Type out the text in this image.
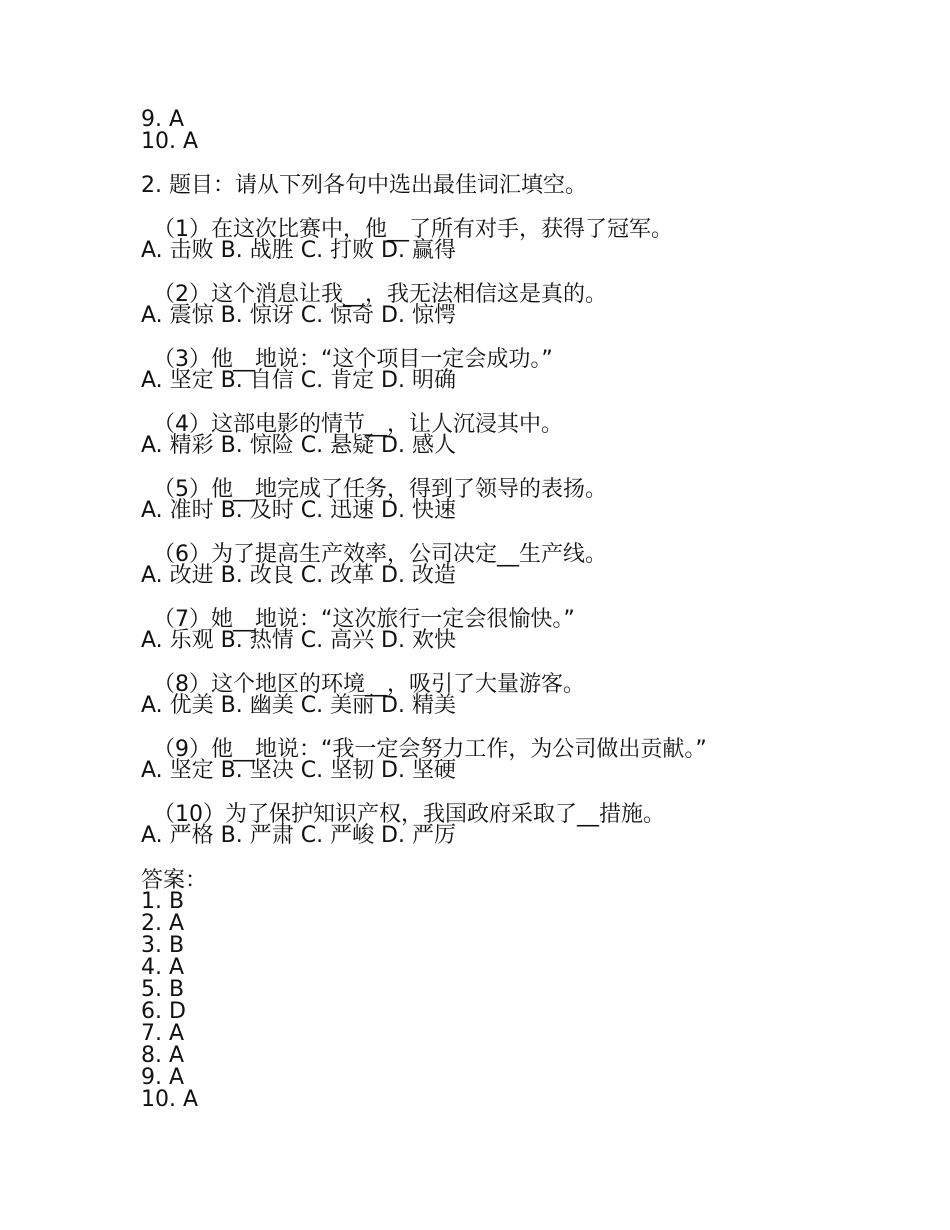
9. A
10. A
2. 题目：请从下列各句中选出最佳词汇填空。
（1）在这次比赛中，他__了所有对手，获得了冠军。
A. 击败 B. 战胜 C. 打败 D. 赢得
（2）这个消息让我__，我无法相信这是真的。
A. 震惊 B. 惊讶 C. 惊奇 D. 惊愕
（3）他__地说：“这个项目一定会成功。”
A. 坚定 B. 自信 C. 肯定 D. 明确
（4）这部电影的情节__，让人沉浸其中。
A. 精彩 B. 惊险 C. 悬疑 D. 感人
（5）他__地完成了任务，得到了领导的表扬。
A. 准时 B. 及时 C. 迅速 D. 快速
（6）为了提高生产效率，公司决定__生产线。
A. 改进 B. 改良 C. 改革 D. 改造
（7）她__地说：“这次旅行一定会很愉快。”
A. 乐观 B. 热情 C. 高兴 D. 欢快
（8）这个地区的环境__，吸引了大量游客。
A. 优美 B. 幽美 C. 美丽 D. 精美
（9）他__地说：“我一定会努力工作，为公司做出贡献。”
A. 坚定 B. 坚决 C. 坚韧 D. 坚硬
（10）为了保护知识产权，我国政府采取了__措施。
A. 严格 B. 严肃 C. 严峻 D. 严厉
答案：
1. B
2. A
3. B
4. A
5. B
6. D
7. A
8. A
9. A
10. A
